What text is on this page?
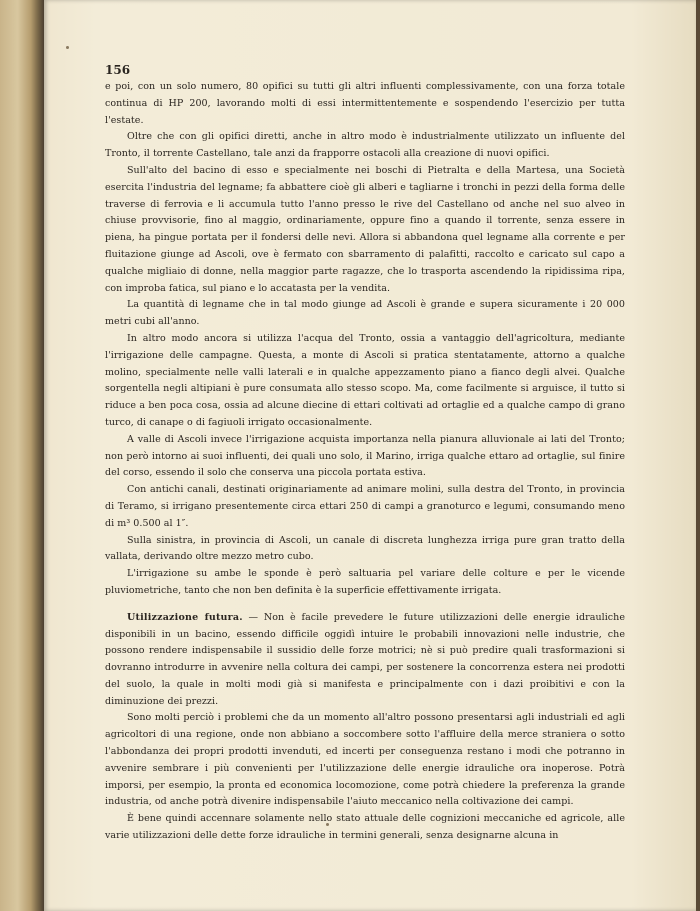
156

e poi, con un solo numero, 80 opifici su tutti gli altri influenti complessivamente, con una forza totale continua di HP 200, lavorando molti di essi intermittentemente e sospendendo l'esercizio per tutta l'estate.

Oltre che con gli opifici diretti, anche in altro modo è industrialmente utilizzato un influente del Tronto, il torrente Castellano, tale anzi da frapporre ostacoli alla creazione di nuovi opifici.

Sull'alto del bacino di esso e specialmente nei boschi di Pietralta e della Martesa, una Società esercita l'industria del legname; fa abbattere cioè gli alberi e tagliarne i tronchi in pezzi della forma delle traverse di ferrovia e li accumula tutto l'anno presso le rive del Castellano od anche nel suo alveo in chiuse provvisorie, fino al maggio, ordinariamente, oppure fino a quando il torrente, senza essere in piena, ha pingue portata per il fondersi delle nevi. Allora si abbandona quel legname alla corrente e per fluitazione giunge ad Ascoli, ove è fermato con sbarramento di palafitti, raccolto e caricato sul capo a qualche migliaio di donne, nella maggior parte ragazze, che lo trasporta ascendendo la ripidissima ripa, con improba fatica, sul piano e lo accatasta per la vendita.

La quantità di legname che in tal modo giunge ad Ascoli è grande e supera sicuramente i 20 000 metri cubi all'anno.

In altro modo ancora si utilizza l'acqua del Tronto, ossia a vantaggio dell'agricoltura, mediante l'irrigazione delle campagne. Questa, a monte di Ascoli si pratica stentatamente, attorno a qualche molino, specialmente nelle valli laterali e in qualche appezzamento piano a fianco degli alvei. Qualche sorgentella negli altipiani è pure consumata allo stesso scopo. Ma, come facilmente si arguisce, il tutto si riduce a ben poca cosa, ossia ad alcune diecine di ettari coltivati ad ortaglie ed a qualche campo di grano turco, di canape o di fagiuoli irrigato occasionalmente.

A valle di Ascoli invece l'irrigazione acquista importanza nella pianura alluvionale ai lati del Tronto; non però intorno ai suoi influenti, dei quali uno solo, il Marino, irriga qualche ettaro ad ortaglie, sul finire del corso, essendo il solo che conserva una piccola portata estiva.

Con antichi canali, destinati originariamente ad animare molini, sulla destra del Tronto, in provincia di Teramo, si irrigano presentemente circa ettari 250 di campi a granoturco e legumi, consumando meno di m³ 0.500 al 1″.

Sulla sinistra, in provincia di Ascoli, un canale di discreta lunghezza irriga pure gran tratto della vallata, derivando oltre mezzo metro cubo.

L'irrigazione su ambe le sponde è però saltuaria pel variare delle colture e per le vicende pluviometriche, tanto che non ben definita è la superficie effettivamente irrigata.

Utilizzazione futura. — Non è facile prevedere le future utilizzazioni delle energie idrauliche disponibili in un bacino, essendo difficile oggidì intuire le probabili innovazioni nelle industrie, che possono rendere indispensabile il sussidio delle forze motrici; nè si può predire quali trasformazioni si dovranno introdurre in avvenire nella coltura dei campi, per sostenere la concorrenza estera nei prodotti del suolo, la quale in molti modi già si manifesta e principalmente con i dazi proibitivi e con la diminuzione dei prezzi.

Sono molti perciò i problemi che da un momento all'altro possono presentarsi agli industriali ed agli agricoltori di una regione, onde non abbiano a soccombere sotto l'affluire della merce straniera o sotto l'abbondanza dei propri prodotti invenduti, ed incerti per conseguenza restano i modi che potranno in avvenire sembrare i più convenienti per l'utilizzazione delle energie idrauliche ora inoperose. Potrà imporsi, per esempio, la pronta ed economica locomozione, come potrà chiedere la preferenza la grande industria, od anche potrà divenire indispensabile l'aiuto meccanico nella coltivazione dei campi.

È bene quindi accennare solamente nello stato attuale delle cognizioni meccaniche ed agricole, alle varie utilizzazioni delle dette forze idrauliche in termini generali, senza designarne alcuna in
